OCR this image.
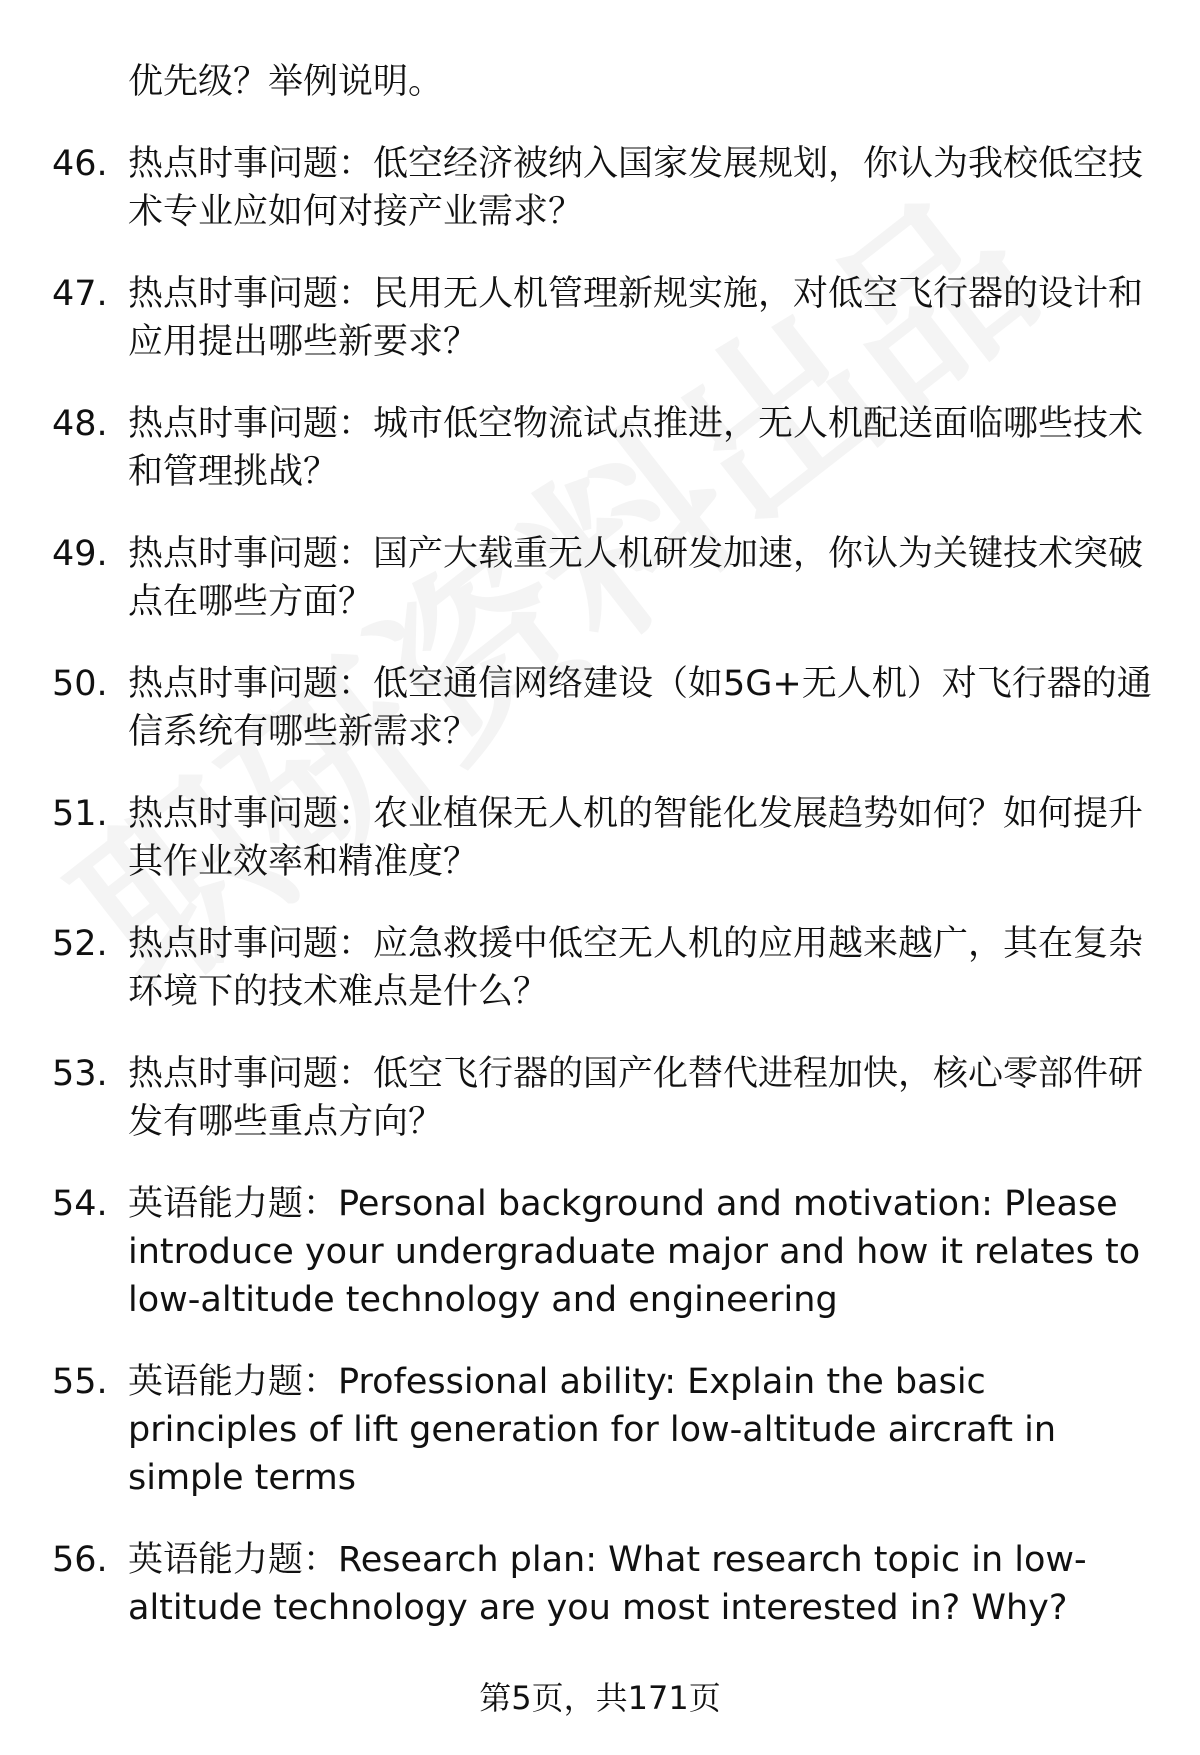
优先级？举例说明。
46. 热点时事问题：低空经济被纳入国家发展规划，你认为我校低空技术专业应如何对接产业需求？
47. 热点时事问题：民用无人机管理新规实施，对低空飞行器的设计和应用提出哪些新要求？
48. 热点时事问题：城市低空物流试点推进，无人机配送面临哪些技术和管理挑战？
49. 热点时事问题：国产大载重无人机研发加速，你认为关键技术突破点在哪些方面？
50. 热点时事问题：低空通信网络建设（如5G+无人机）对飞行器的通信系统有哪些新需求？
51. 热点时事问题：农业植保无人机的智能化发展趋势如何？如何提升其作业效率和精准度？
52. 热点时事问题：应急救援中低空无人机的应用越来越广，其在复杂环境下的技术难点是什么？
53. 热点时事问题：低空飞行器的国产化替代进程加快，核心零部件研发有哪些重点方向？
54. 英语能力题：Personal background and motivation: Please introduce your undergraduate major and how it relates to low-altitude technology and engineering
55. 英语能力题：Professional ability: Explain the basic principles of lift generation for low-altitude aircraft in simple terms
56. 英语能力题：Research plan: What research topic in low-altitude technology are you most interested in? Why?
第5页，共171页
